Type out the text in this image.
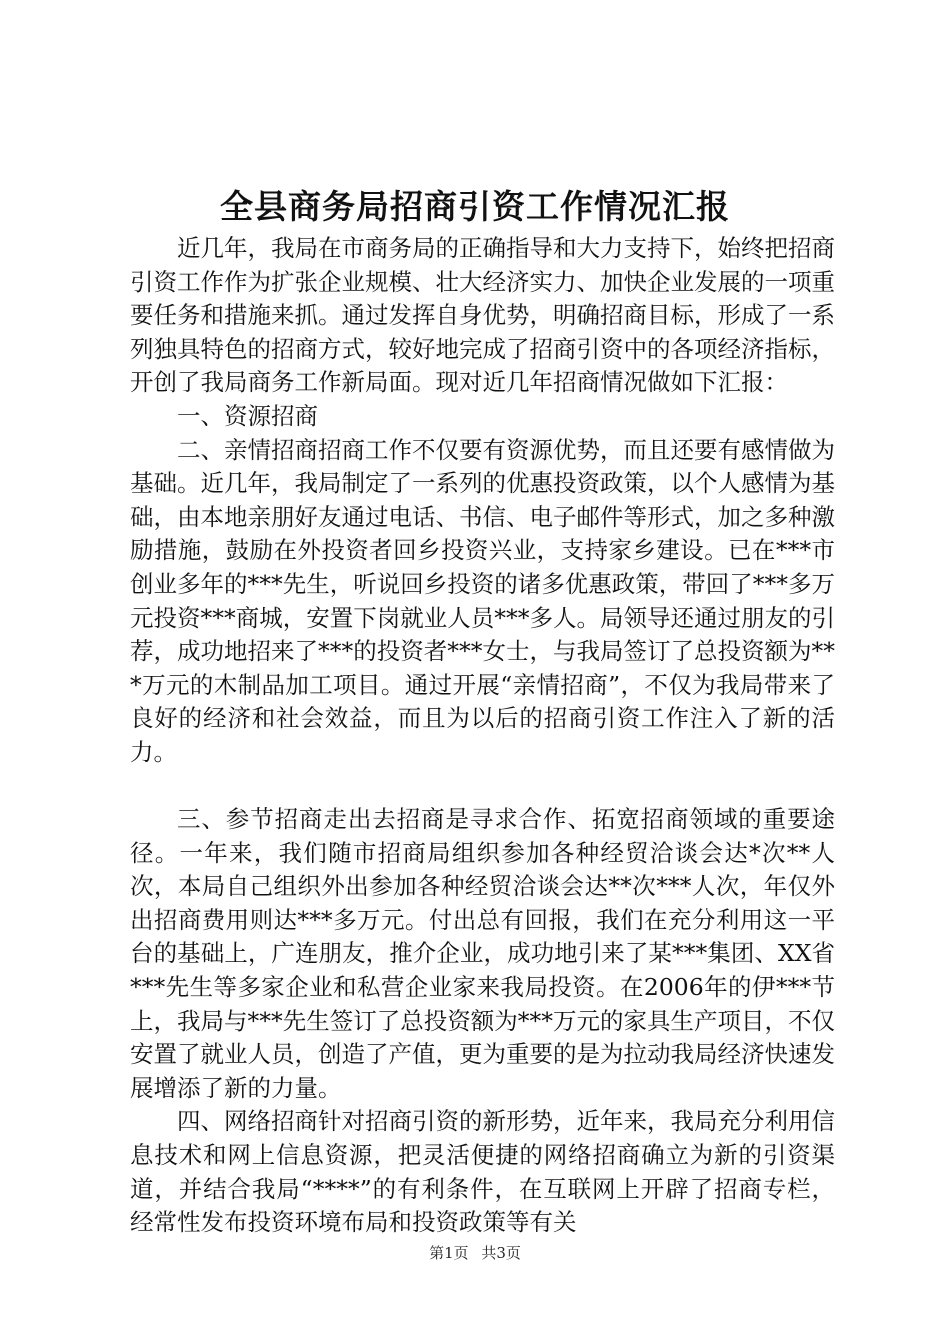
全县商务局招商引资工作情况汇报

近几年，我局在市商务局的正确指导和大力支持下，始终把招商引资工作作为扩张企业规模、壮大经济实力、加快企业发展的一项重要任务和措施来抓。通过发挥自身优势，明确招商目标，形成了一系列独具特色的招商方式，较好地完成了招商引资中的各项经济指标，开创了我局商务工作新局面。现对近几年招商情况做如下汇报：

一、资源招商

二、亲情招商招商工作不仅要有资源优势，而且还要有感情做为基础。近几年，我局制定了一系列的优惠投资政策，以个人感情为基础，由本地亲朋好友通过电话、书信、电子邮件等形式，加之多种激励措施，鼓励在外投资者回乡投资兴业，支持家乡建设。已在***市创业多年的***先生，听说回乡投资的诸多优惠政策，带回了***多万元投资***商城，安置下岗就业人员***多人。局领导还通过朋友的引荐，成功地招来了***的投资者***女士，与我局签订了总投资额为***万元的木制品加工项目。通过开展“亲情招商”，不仅为我局带来了良好的经济和社会效益，而且为以后的招商引资工作注入了新的活力。

三、参节招商走出去招商是寻求合作、拓宽招商领域的重要途径。一年来，我们随市招商局组织参加各种经贸洽谈会达*次**人次，本局自己组织外出参加各种经贸洽谈会达**次***人次，年仅外出招商费用则达***多万元。付出总有回报，我们在充分利用这一平台的基础上，广连朋友，推介企业，成功地引来了某***集团、XX省***先生等多家企业和私营企业家来我局投资。在2006年的伊***节上，我局与***先生签订了总投资额为***万元的家具生产项目，不仅安置了就业人员，创造了产值，更为重要的是为拉动我局经济快速发展增添了新的力量。

四、网络招商针对招商引资的新形势，近年来，我局充分利用信息技术和网上信息资源，把灵活便捷的网络招商确立为新的引资渠道，并结合我局“****”的有利条件，在互联网上开辟了招商专栏，经常性发布投资环境布局和投资政策等有关

第1页 共3页
